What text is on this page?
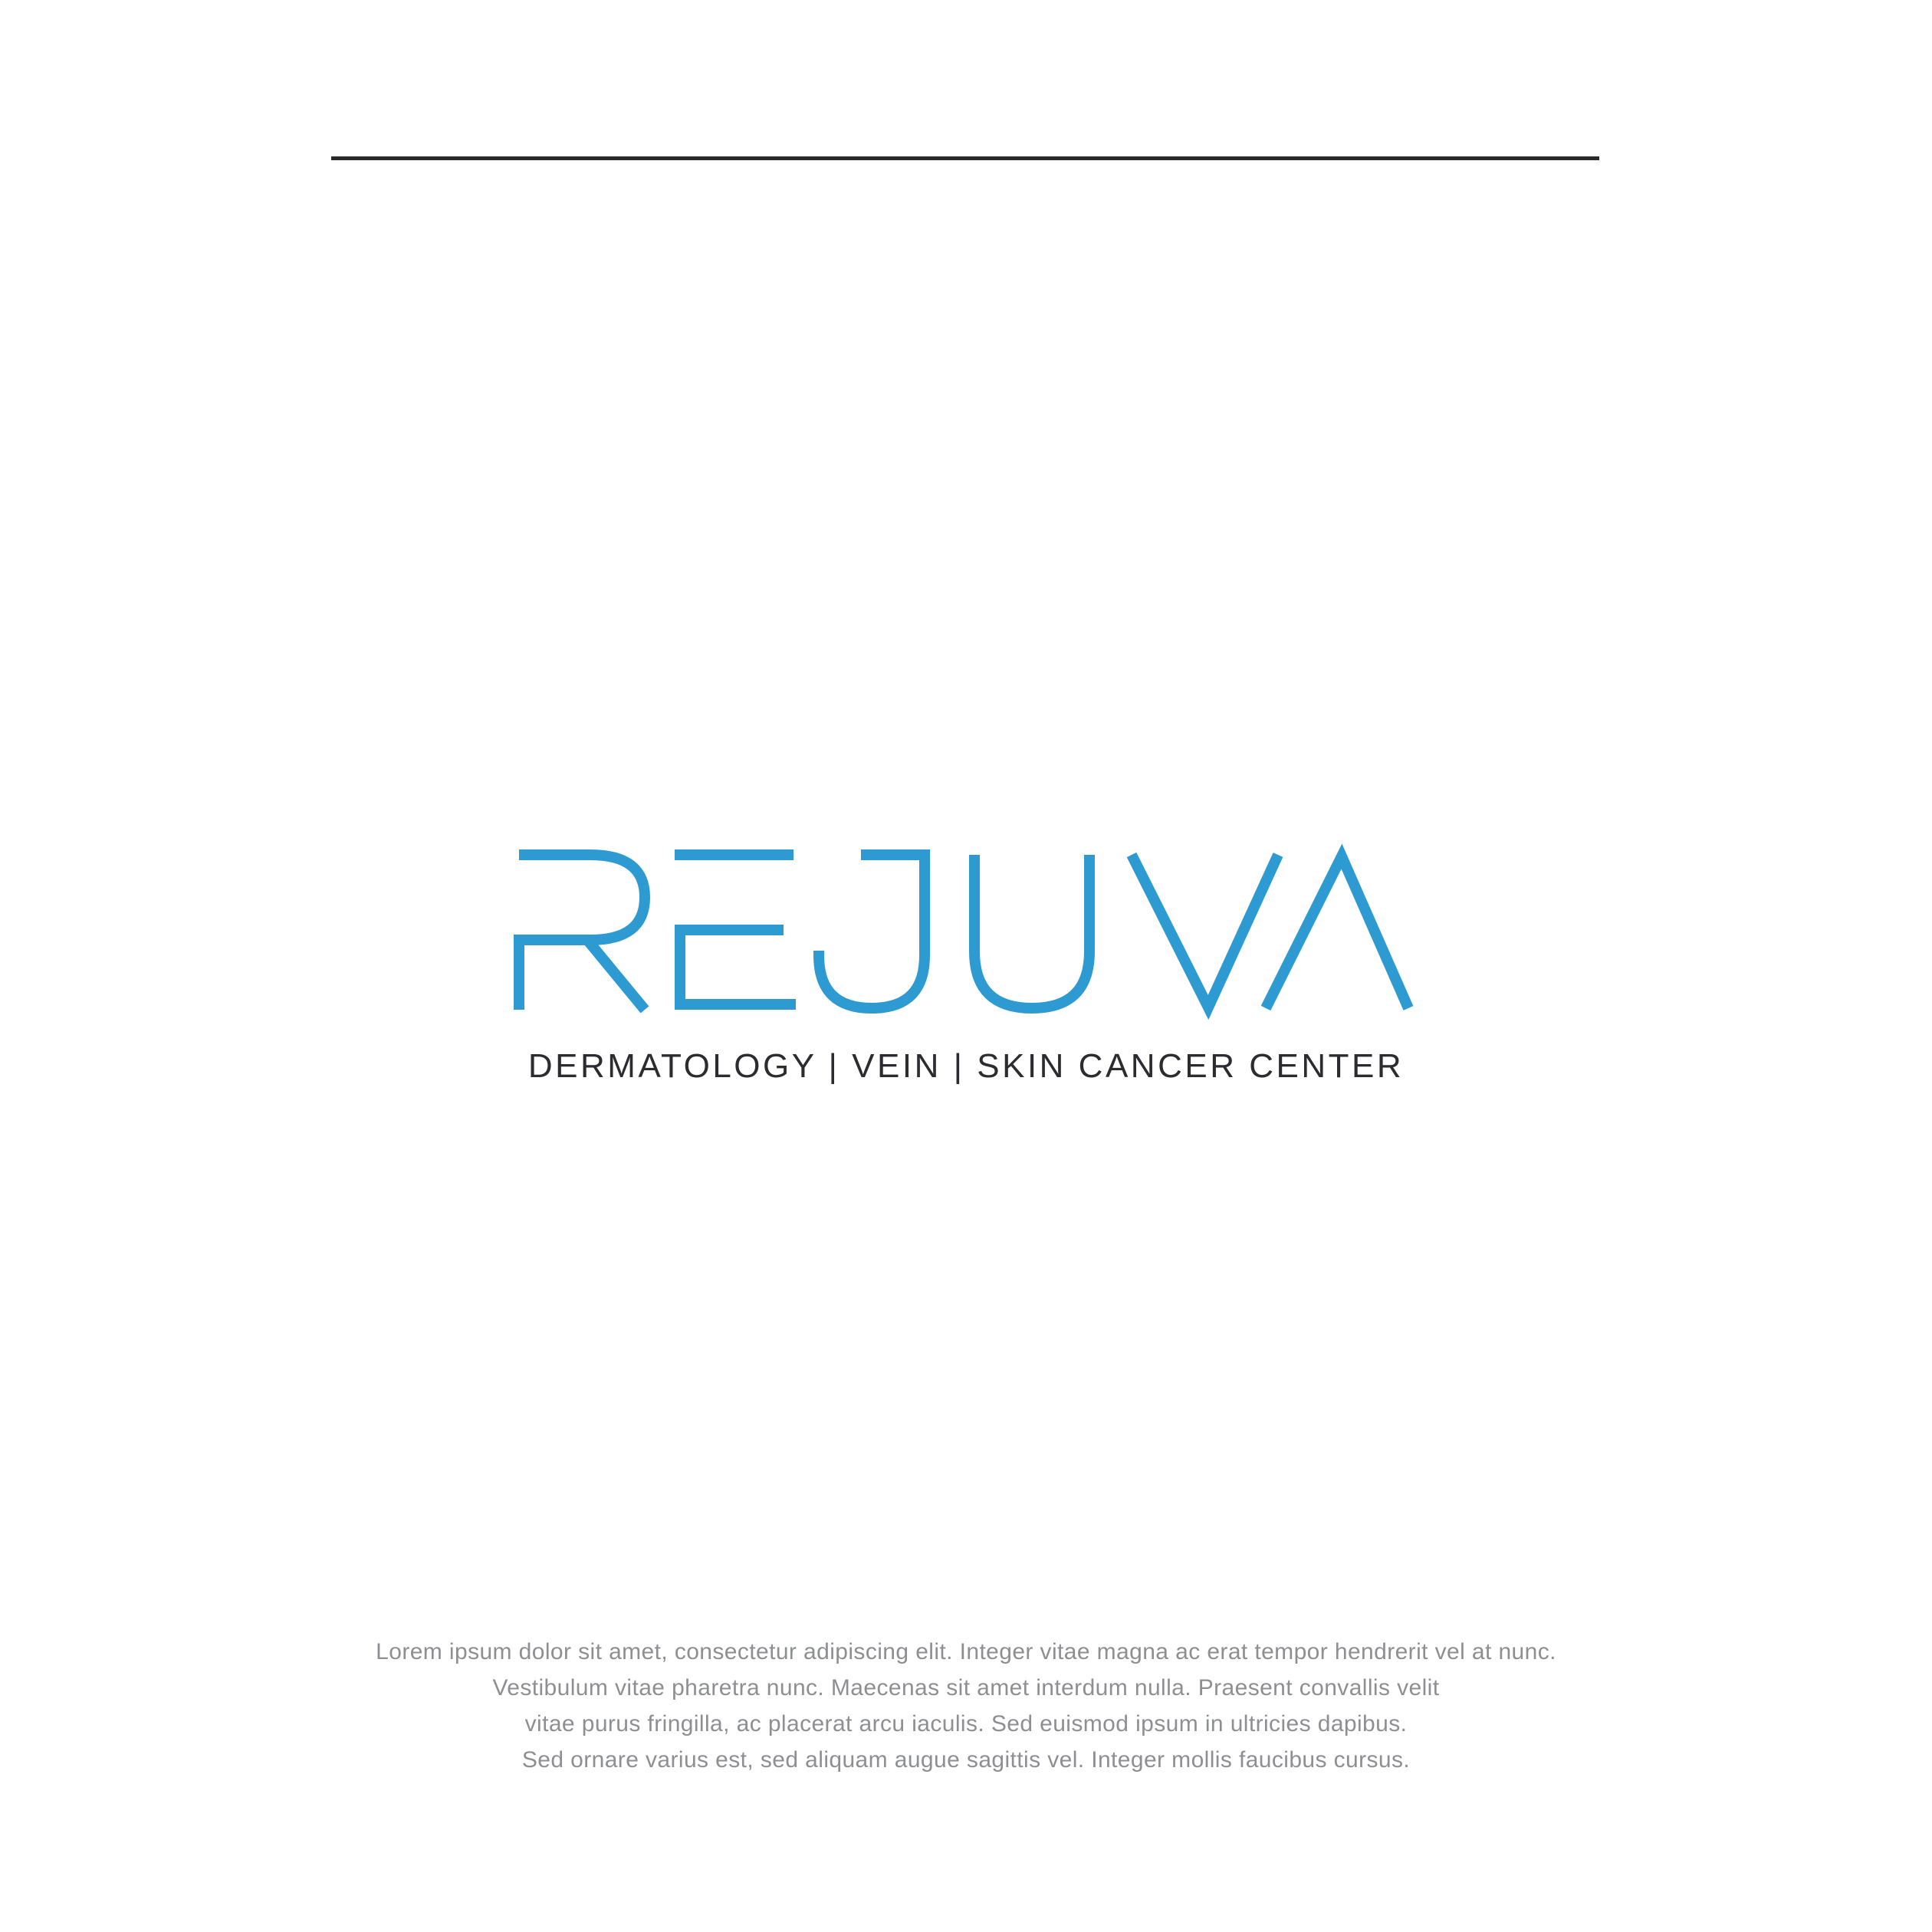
DERMATOLOGY | VEIN | SKIN CANCER CENTER
Lorem ipsum dolor sit amet, consectetur adipiscing elit. Integer vitae magna ac erat tempor hendrerit vel at nunc.
Vestibulum vitae pharetra nunc. Maecenas sit amet interdum nulla. Praesent convallis velit
vitae purus fringilla, ac placerat arcu iaculis. Sed euismod ipsum in ultricies dapibus.
Sed ornare varius est, sed aliquam augue sagittis vel. Integer mollis faucibus cursus.
